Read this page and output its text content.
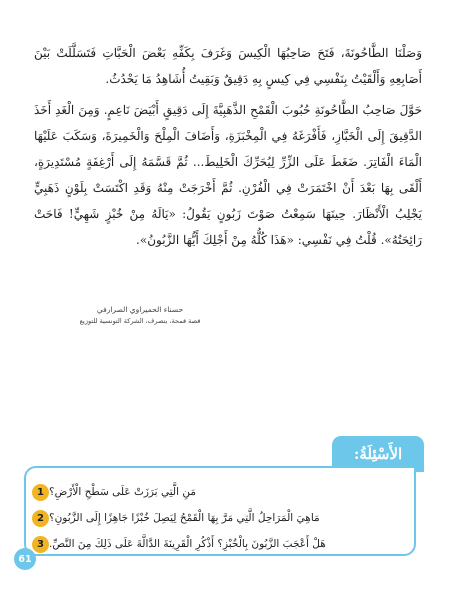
وَصَلْنَا الطَّاحُونَةَ، فَتَحَ صَاحِبُهَا الْكِيسَ وَغَرَفَ بِكَفِّهِ بَعْضَ الْحَبَّاتِ فَتَسَلَّلَتْ بَيْنَ أَصَابِعِهِ وَأَلْقَيْتُ بِنَفْسِي فِي كِيسٍ بِهِ دَقِيقٌ وَبَقِيتُ أُشَاهِدُ مَا يَحْدُثُ.

حَوَّلَ صَاحِبُ الطَّاحُونَةِ حُبُوبَ الْقَمْحِ الذَّهَبِيَّةَ إِلَى دَقِيقٍ أَبْيَضَ نَاعِمٍ. وَمِنَ الْغَدِ أَخَذَ الدَّقِيقَ إِلَى الْخَبَّازِ، فَأَفْرَغَهُ فِي الْمِخْبَزَةِ، وَأَضَافَ الْمِلْحَ وَالْخَمِيرَةَ، وَسَكَبَ عَلَيْهَا الْمَاءَ الْفَاتِرَ. ضَغَطَ عَلَى الزِّرِّ لِيُحَرِّكَ الْخَلِيطَ... ثُمَّ قَسَّمَهُ إِلَى أَرْغِفَةٍ مُسْتَدِيرَةٍ، أَلْقَى بِهَا بَعْدَ أَنْ اخْتَمَرَتْ فِي الْفُرْنِ. ثُمَّ أَخْرَجَتْ مِنْهُ وَقَدِ اكْتَسَتْ بِلَوْنٍ ذَهَبِيٍّ يَجْلِبُ الْأَنْظَارَ. حِينَهَا سَمِعْتُ صَوْتَ زَبُونٍ يَقُولُ: «يَالَهُ مِنْ خُبْزٍ شَهِيٍّ! فَاحَتْ رَائِحَتُهُ». قُلْتُ فِي نَفْسِي: «هَذَا كُلُّهُ مِنْ أَجْلِكَ أَيُّهَا الزَّبُونُ».

حسناء الحميراوي الصرارفي
قصة قمحة، بتصرف، الشركة التونسية للتوزيع
الأَسْئِلَةُ:
1 مَنِ الَّتِي بَرَزَتْ عَلَى سَطْحِ الْأَرْضِ؟
2 مَاهِيَ الْمَرَاحِلُ الَّتِي مَرَّ بِهَا الْقَمْحُ لِيَصِلَ خُبْزًا جَاهِزًا إِلَى الزَّبُونِ؟
3 هَلْ أَعْجَبَ الزَّبُونَ بِالْخُبْزِ؟ أَذْكُرِ الْقَرِينَةَ الدَّالَّةَ عَلَى ذَلِكَ مِنَ النَّصِّ.
61
